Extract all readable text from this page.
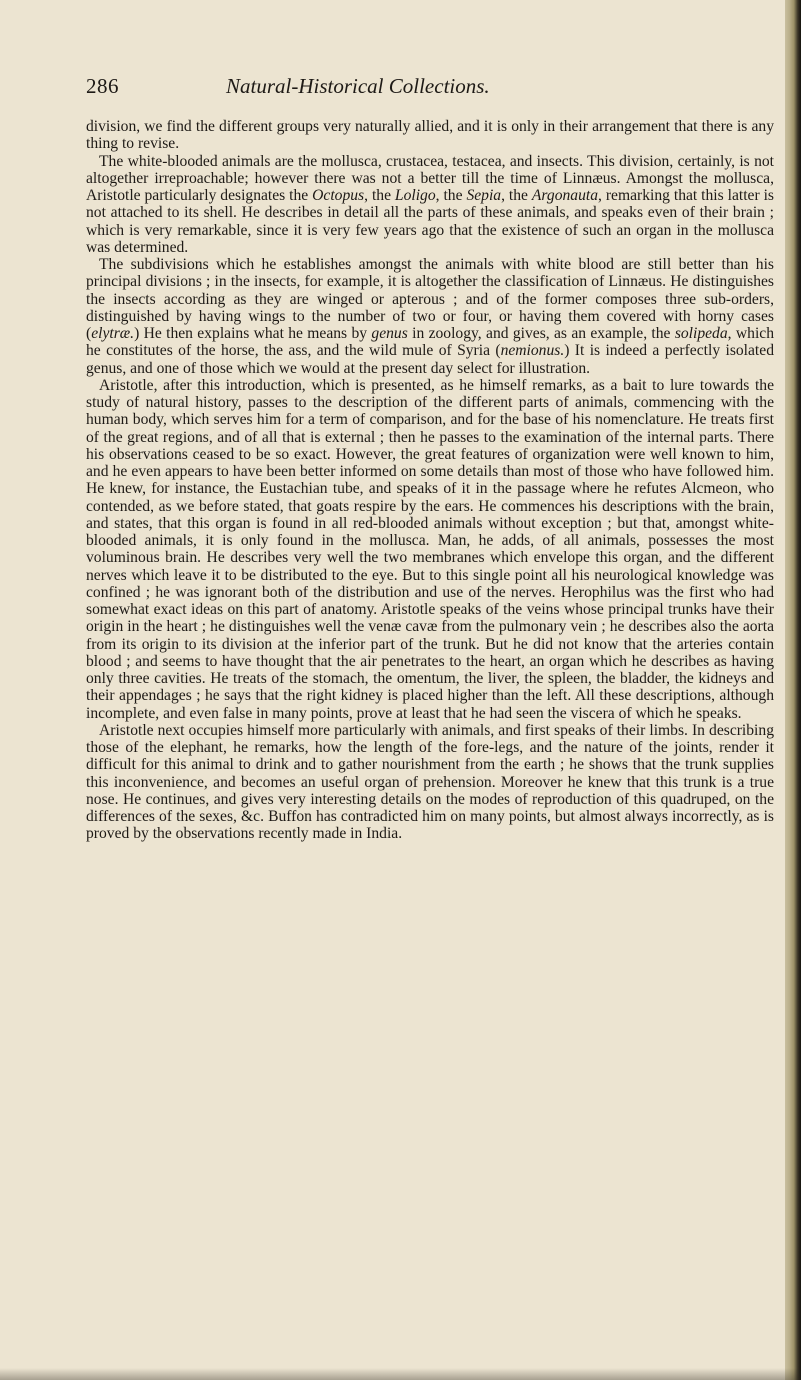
286	Natural-Historical Collections.

division, we find the different groups very naturally allied, and it is only in their arrangement that there is any thing to revise.

The white-blooded animals are the mollusca, crustacea, testacea, and insects. This division, certainly, is not altogether irreproachable; however there was not a better till the time of Linnæus. Amongst the mollusca, Aristotle particularly designates the Octopus, the Loligo, the Sepia, the Argonauta, remarking that this latter is not attached to its shell. He describes in detail all the parts of these animals, and speaks even of their brain ; which is very remarkable, since it is very few years ago that the existence of such an organ in the mollusca was determined.

The subdivisions which he establishes amongst the animals with white blood are still better than his principal divisions ; in the insects, for example, it is altogether the classification of Linnæus. He distinguishes the insects according as they are winged or apterous ; and of the former composes three sub-orders, distinguished by having wings to the number of two or four, or having them covered with horny cases (elytræ.) He then explains what he means by genus in zoology, and gives, as an example, the solipeda, which he constitutes of the horse, the ass, and the wild mule of Syria (nemionus.) It is indeed a perfectly isolated genus, and one of those which we would at the present day select for illustration.

Aristotle, after this introduction, which is presented, as he himself remarks, as a bait to lure towards the study of natural history, passes to the description of the different parts of animals, commencing with the human body, which serves him for a term of comparison, and for the base of his nomenclature. He treats first of the great regions, and of all that is external ; then he passes to the examination of the internal parts. There his observations ceased to be so exact. However, the great features of organization were well known to him, and he even appears to have been better informed on some details than most of those who have followed him. He knew, for instance, the Eustachian tube, and speaks of it in the passage where he refutes Alcmeon, who contended, as we before stated, that goats respire by the ears. He commences his descriptions with the brain, and states, that this organ is found in all red-blooded animals without exception ; but that, amongst white-blooded animals, it is only found in the mollusca. Man, he adds, of all animals, possesses the most voluminous brain. He describes very well the two membranes which envelope this organ, and the different nerves which leave it to be distributed to the eye. But to this single point all his neurological knowledge was confined ; he was ignorant both of the distribution and use of the nerves. Herophilus was the first who had somewhat exact ideas on this part of anatomy. Aristotle speaks of the veins whose principal trunks have their origin in the heart ; he distinguishes well the venæ cavæ from the pulmonary vein ; he describes also the aorta from its origin to its division at the inferior part of the trunk. But he did not know that the arteries contain blood ; and seems to have thought that the air penetrates to the heart, an organ which he describes as having only three cavities. He treats of the stomach, the omentum, the liver, the spleen, the bladder, the kidneys and their appendages ; he says that the right kidney is placed higher than the left. All these descriptions, although incomplete, and even false in many points, prove at least that he had seen the viscera of which he speaks.

Aristotle next occupies himself more particularly with animals, and first speaks of their limbs. In describing those of the elephant, he remarks, how the length of the fore-legs, and the nature of the joints, render it difficult for this animal to drink and to gather nourishment from the earth ; he shows that the trunk supplies this inconvenience, and becomes an useful organ of prehension. Moreover he knew that this trunk is a true nose. He continues, and gives very interesting details on the modes of reproduction of this quadruped, on the differences of the sexes, &c. Buffon has contradicted him on many points, but almost always incorrectly, as is proved by the observations recently made in India.
